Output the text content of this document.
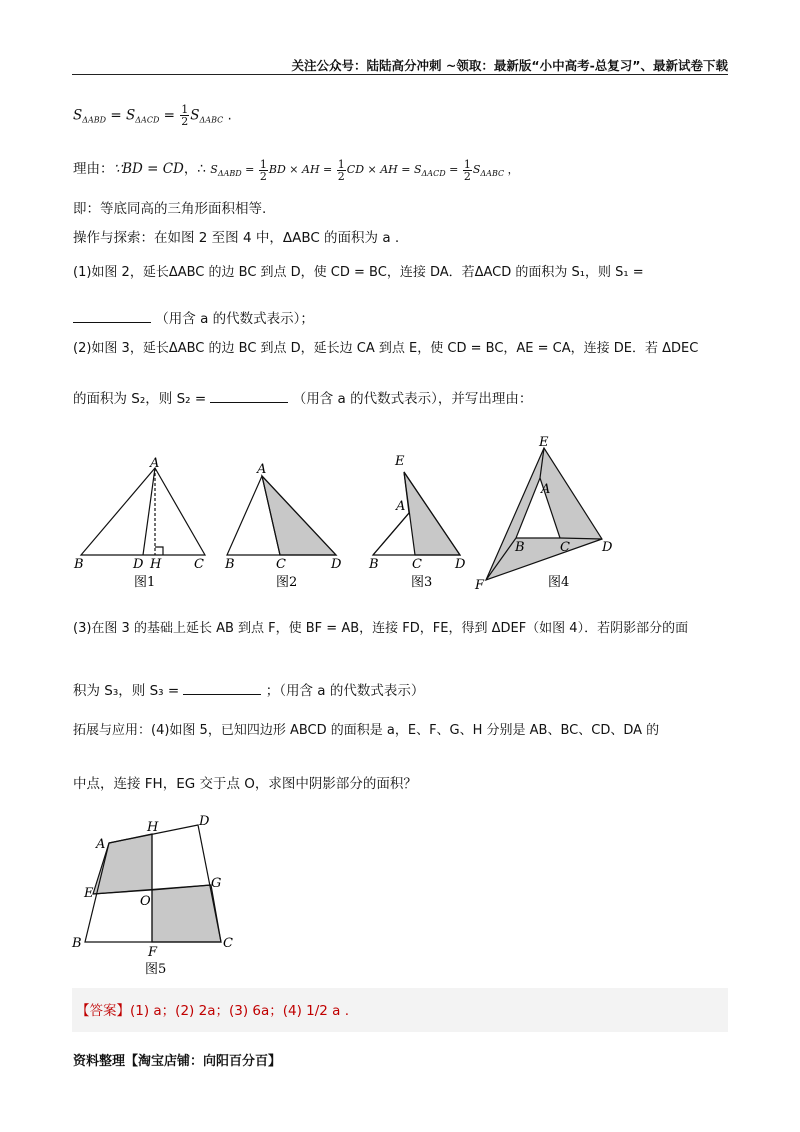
关注公众号：陆陆高分冲刺 ~领取：最新版“小中高考-总复习”、最新试卷下载
$S_{\Delta ABD} = S_{\Delta ACD} = \frac{1}{2} S_{\Delta ABC}$ .
理由：∵BD = CD，∴ $S_{\Delta ABD} = \frac{1}{2}$ BD × AH = $\frac{1}{2}$ CD × AH = $S_{\Delta ACD} = \frac{1}{2} S_{\Delta ABC}$ ，
即：等底同高的三角形面积相等.
操作与探索：在如图 2 至图 4 中，ΔABC 的面积为 a .
(1)如图 2，延长ΔABC 的边 BC 到点 D，使 CD = BC，连接 DA．若ΔACD 的面积为 S₁，则 S₁ =
（用含 a 的代数式表示）；
(2)如图 3，延长ΔABC 的边 BC 到点 D，延长边 CA 到点 E，使 CD = BC，AE = CA，连接 DE．若 ΔDEC
的面积为 S₂，则 S₂ =	（用含 a 的代数式表示），并写出理由：
A
B	D H	C
图1
A
B	C	D
图2
E
A
B	C	D
图3
E
A
B	C D
F	图4
(3)在图 3 的基础上延长 AB 到点 F，使 BF = AB，连接 FD，FE，得到 ΔDEF（如图 4）．若阴影部分的面
积为 S₃，则 S₃ =	；（用含 a 的代数式表示）
拓展与应用：(4)如图 5，已知四边形 ABCD 的面积是 a，E、F、G、H 分别是 AB、BC、CD、DA 的
中点，连接 FH，EG 交于点 O，求图中阴影部分的面积？
A
H	D
E
O
G
B
F
C
图5
【答案】(1) a；(2) 2a；(3) 6a；(4) 1/2 a .
资料整理【淘宝店铺：向阳百分百】
